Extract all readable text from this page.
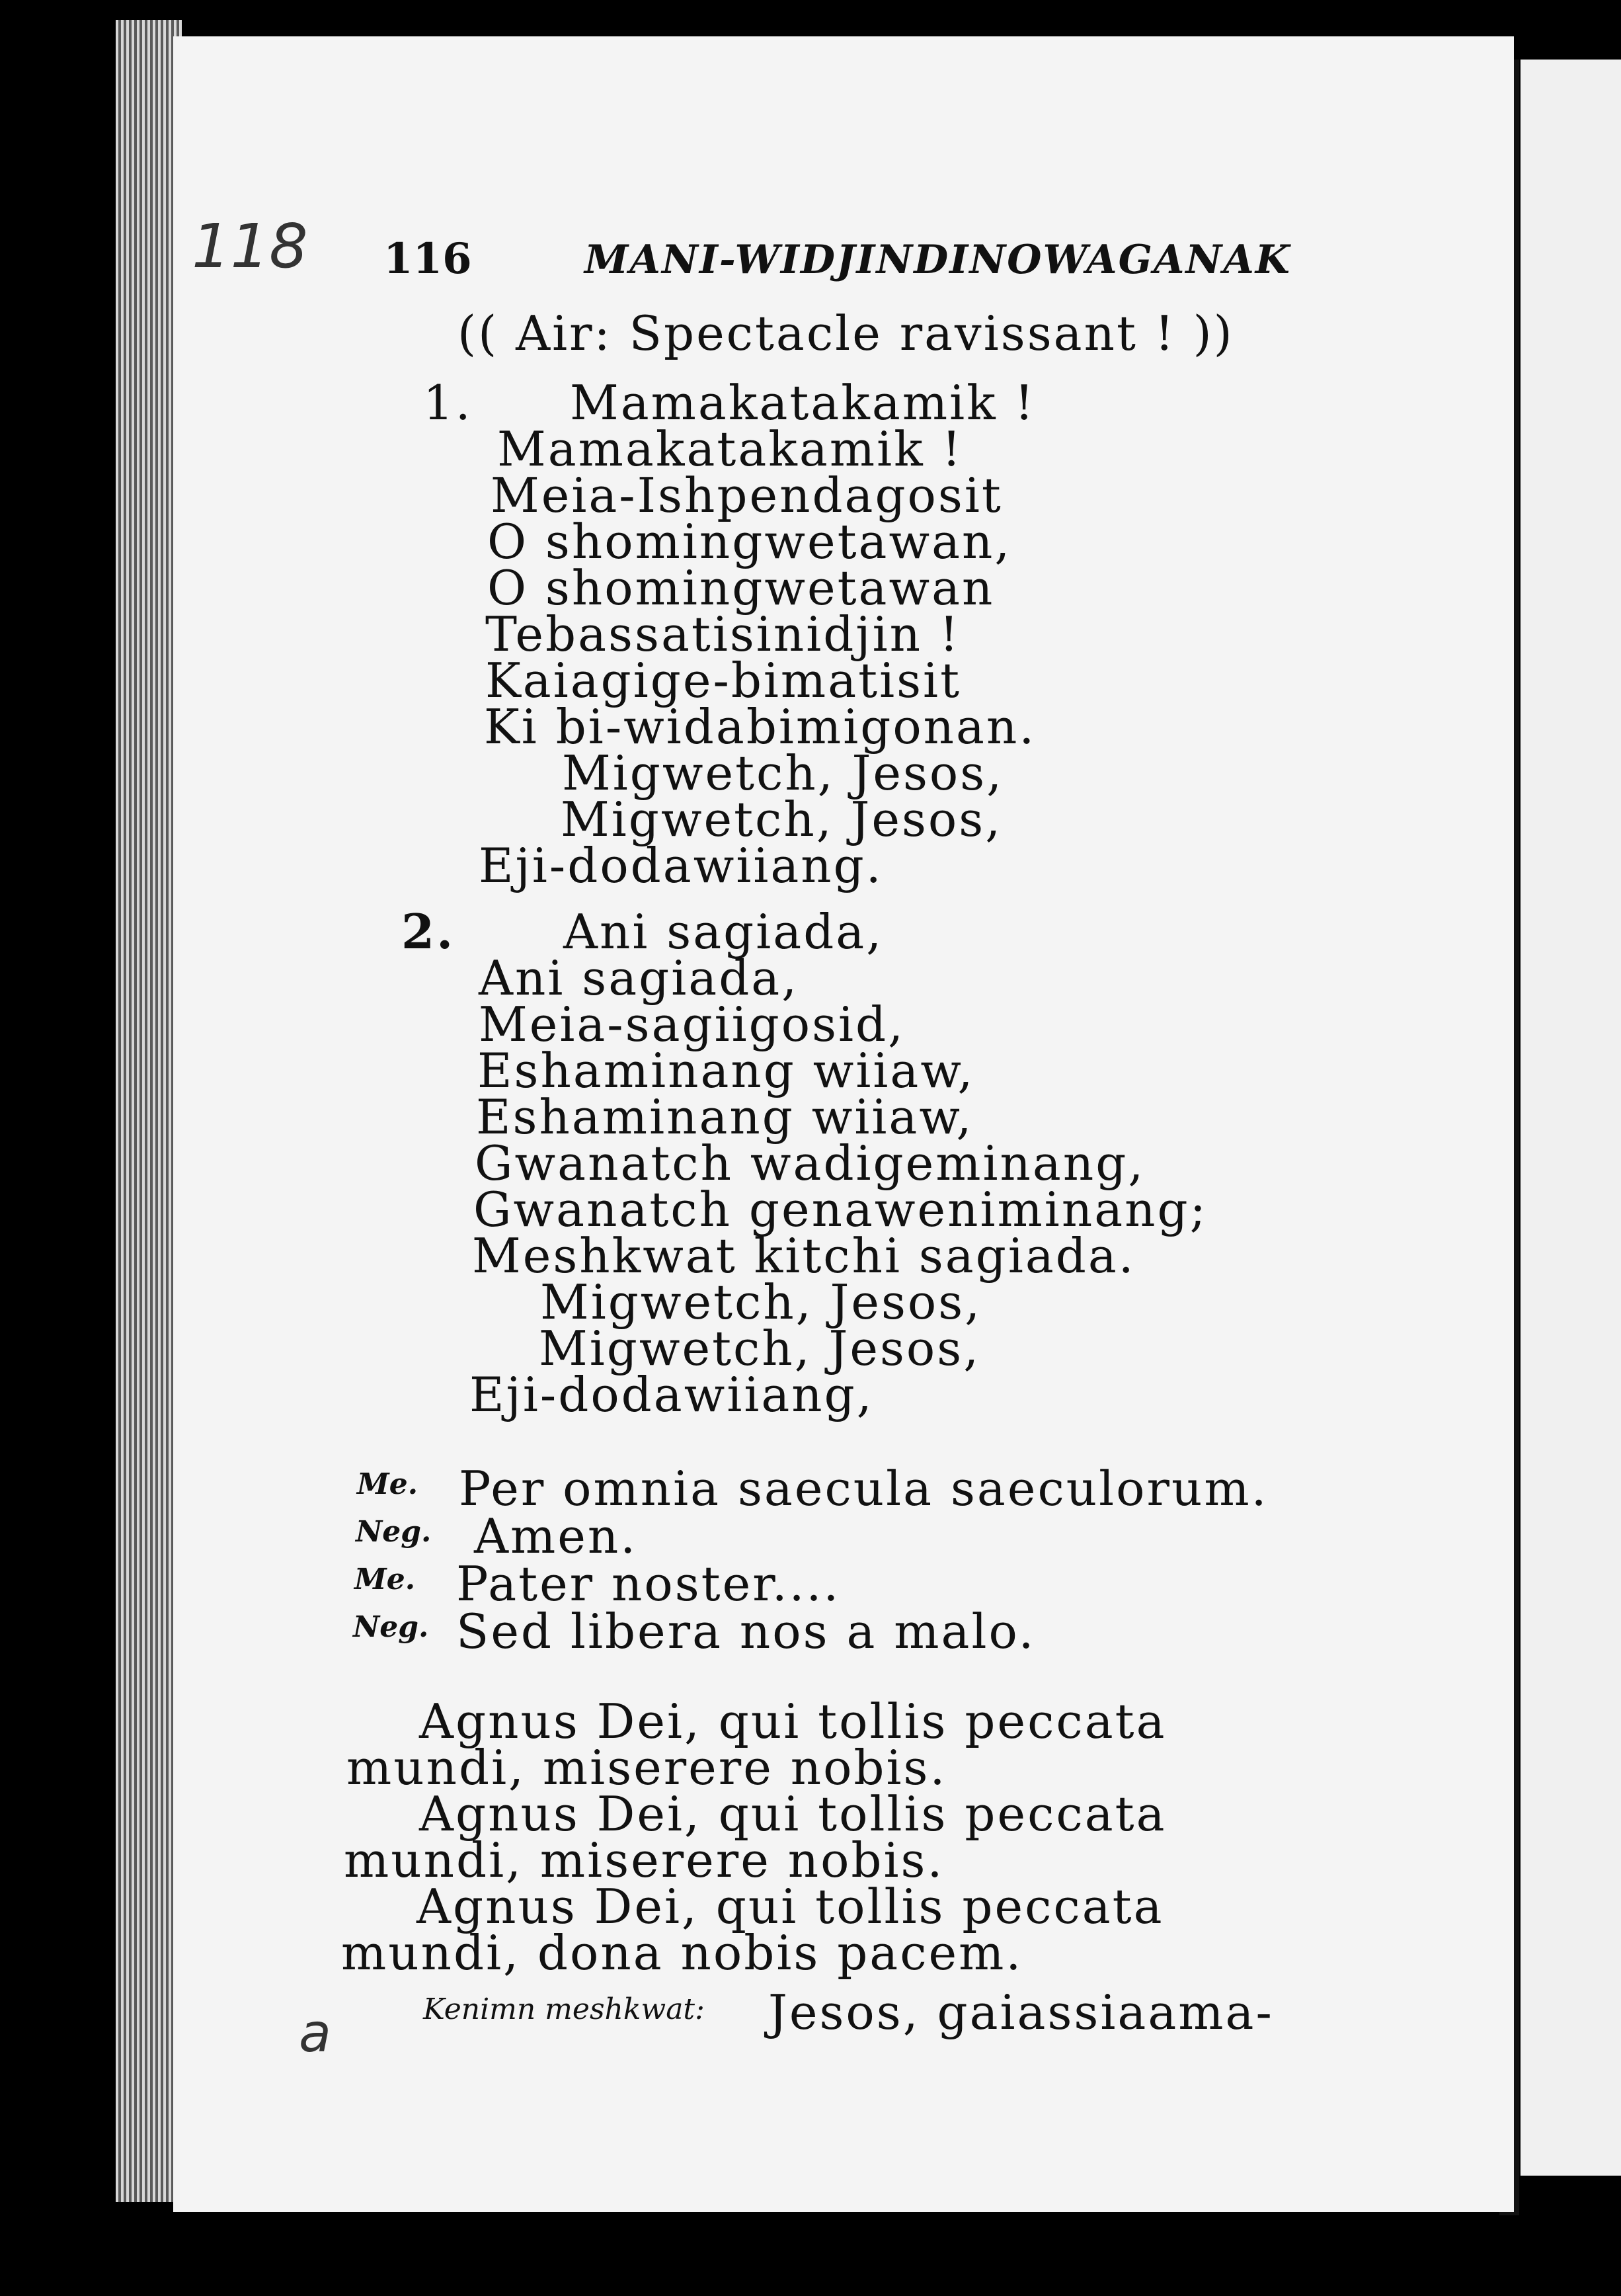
118
a
116	MANI-WIDJINDINOWAGANAK
(( Air: Spectacle ravissant ! ))
1. Mamakatakamik !
Mamakatakamik !
Meia-Ishpendagosit
O shomingwetawan,
O shomingwetawan
Tebassatisinidjin !
Kaiagige-bimatisit
Ki bi-widabimigonan.
Migwetch, Jesos,
Migwetch, Jesos,
Eji-dodawiiang.
2. Ani sagiada,
Ani sagiada,
Meia-sagiigosid,
Eshaminang wiiaw,
Eshaminang wiiaw,
Gwanatch wadigeminang,
Gwanatch genaweniminang;
Meshkwat kitchi sagiada.
Migwetch, Jesos,
Migwetch, Jesos,
Eji-dodawiiang,
Me. Per omnia saecula saeculorum.
Neg. Amen.
Me. Pater noster....
Neg. Sed libera nos a malo.
Agnus Dei, qui tollis peccata
mundi, miserere nobis.
Agnus Dei, qui tollis peccata
mundi, miserere nobis.
Agnus Dei, qui tollis peccata
mundi, dona nobis pacem.
Kenimn meshkwat: Jesos, gaiassiaama-
